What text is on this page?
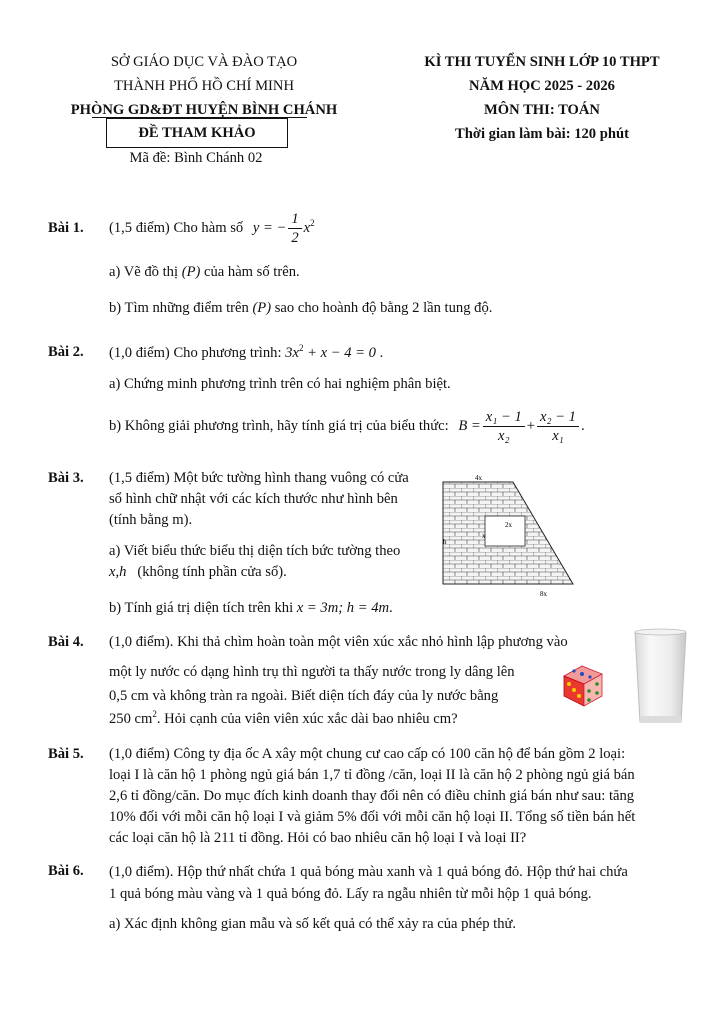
SỞ GIÁO DỤC VÀ ĐÀO TẠO
THÀNH PHỐ HỒ CHÍ MINH
PHÒNG GD&ĐT HUYỆN BÌNH CHÁNH
ĐỀ THAM KHẢO
Mã đề: Bình Chánh 02
KÌ THI TUYỂN SINH LỚP 10 THPT
NĂM HỌC 2025 - 2026
MÔN THI: TOÁN
Thời gian làm bài: 120 phút
Bài 1. (1,5 điểm) Cho hàm số y = − $\frac{1}{2} x^2$
a) Vẽ đồ thị (P) của hàm số trên.
b) Tìm những điểm trên (P) sao cho hoành độ bằng 2 lần tung độ.
Bài 2. (1,0 điểm) Cho phương trình: $3x^2 + x - 4 = 0$ .
a) Chứng minh phương trình trên có hai nghiệm phân biệt.
b) Không giải phương trình, hãy tính giá trị của biểu thức: $B = \frac{\text{x₁ − 1}}{\text{x₂}} + \frac{\text{x₂ − 1}}{\text{x₁}}$ .
Bài 3. (1,5 điểm) Một bức tường hình thang vuông có cửa
sổ hình chữ nhật với các kích thước như hình bên
(tính bằng m).
a) Viết biểu thức biểu thị diện tích bức tường theo
x,h (không tính phần cửa sổ).
b) Tính giá trị diện tích trên khi x = 3m; h = 4m.
4x
2x
x
h
8x
Bài 4. (1,0 điểm). Khi thả chìm hoàn toàn một viên xúc xắc nhỏ hình lập phương vào
một ly nước có dạng hình trụ thì người ta thấy nước trong ly dâng lên
0,5 cm và không tràn ra ngoài. Biết diện tích đáy của ly nước bằng
250 $cm^2$. Hỏi cạnh của viên viên xúc xắc dài bao nhiêu cm?
Bài 5. (1,0 điểm) Công ty địa ốc A xây một chung cư cao cấp có 100 căn hộ để bán gồm 2 loại:
loại I là căn hộ 1 phòng ngủ giá bán 1,7 tỉ đồng /căn, loại II là căn hộ 2 phòng ngủ giá bán
2,6 tỉ đồng/căn. Do mục đích kinh doanh thay đổi nên có điều chỉnh giá bán như sau: tăng
10% đối với mỗi căn hộ loại I và giảm 5% đối với mỗi căn hộ loại II. Tổng số tiền bán hết
các loại căn hộ là 211 tỉ đồng. Hỏi có bao nhiêu căn hộ loại I và loại II?
Bài 6. (1,0 điểm). Hộp thứ nhất chứa 1 quả bóng màu xanh và 1 quả bóng đỏ. Hộp thứ hai chứa
1 quả bóng màu vàng và 1 quả bóng đỏ. Lấy ra ngẫu nhiên từ mỗi hộp 1 quả bóng.
a) Xác định không gian mẫu và số kết quả có thể xảy ra của phép thử.
